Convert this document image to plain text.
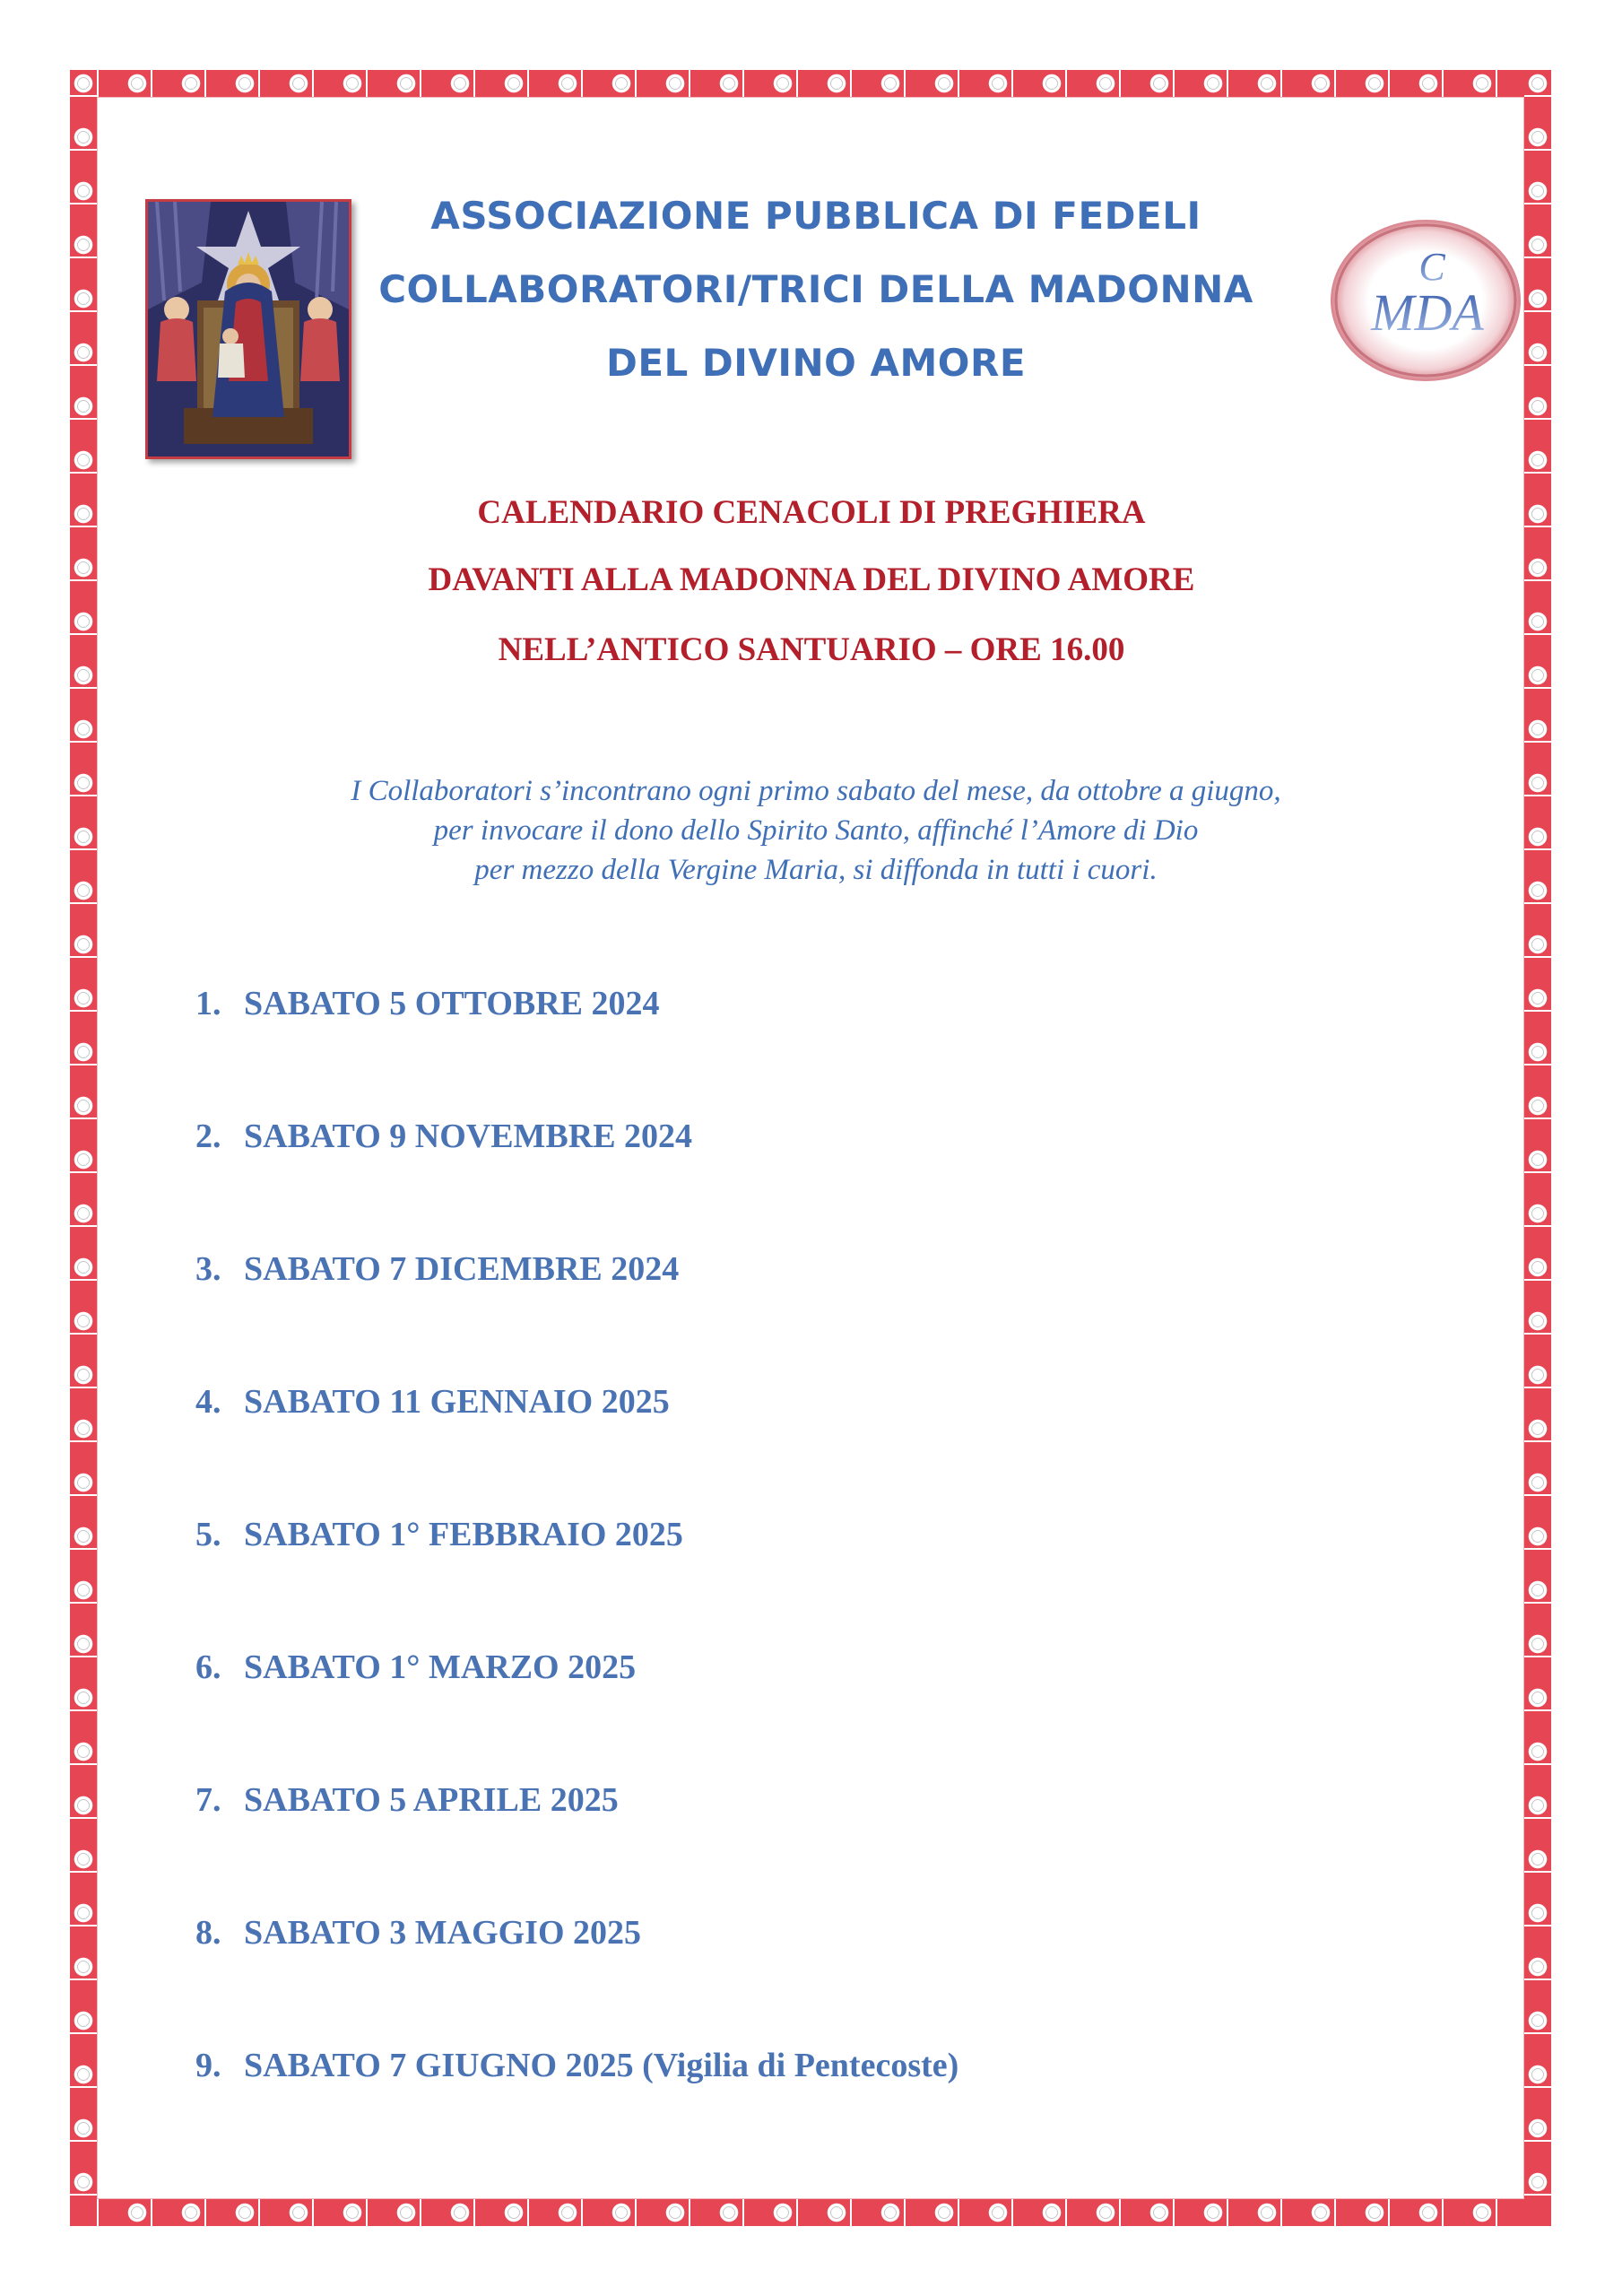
C
MDA
ASSOCIAZIONE PUBBLICA DI FEDELI
COLLABORATORI/TRICI DELLA MADONNA
DEL DIVINO AMORE
CALENDARIO CENACOLI DI PREGHIERA
DAVANTI ALLA MADONNA DEL DIVINO AMORE
NELL’ANTICO SANTUARIO – ORE 16.00
I Collaboratori s’incontrano ogni primo sabato del mese, da ottobre a giugno,
per invocare il dono dello Spirito Santo, affinché l’Amore di Dio
per mezzo della Vergine Maria, si diffonda in tutti i cuori.
1. SABATO 5 OTTOBRE 2024
2. SABATO 9 NOVEMBRE 2024
3. SABATO 7 DICEMBRE 2024
4. SABATO 11 GENNAIO 2025
5. SABATO 1° FEBBRAIO 2025
6. SABATO 1° MARZO 2025
7. SABATO 5 APRILE 2025
8. SABATO 3 MAGGIO 2025
9. SABATO 7 GIUGNO 2025 (Vigilia di Pentecoste)
